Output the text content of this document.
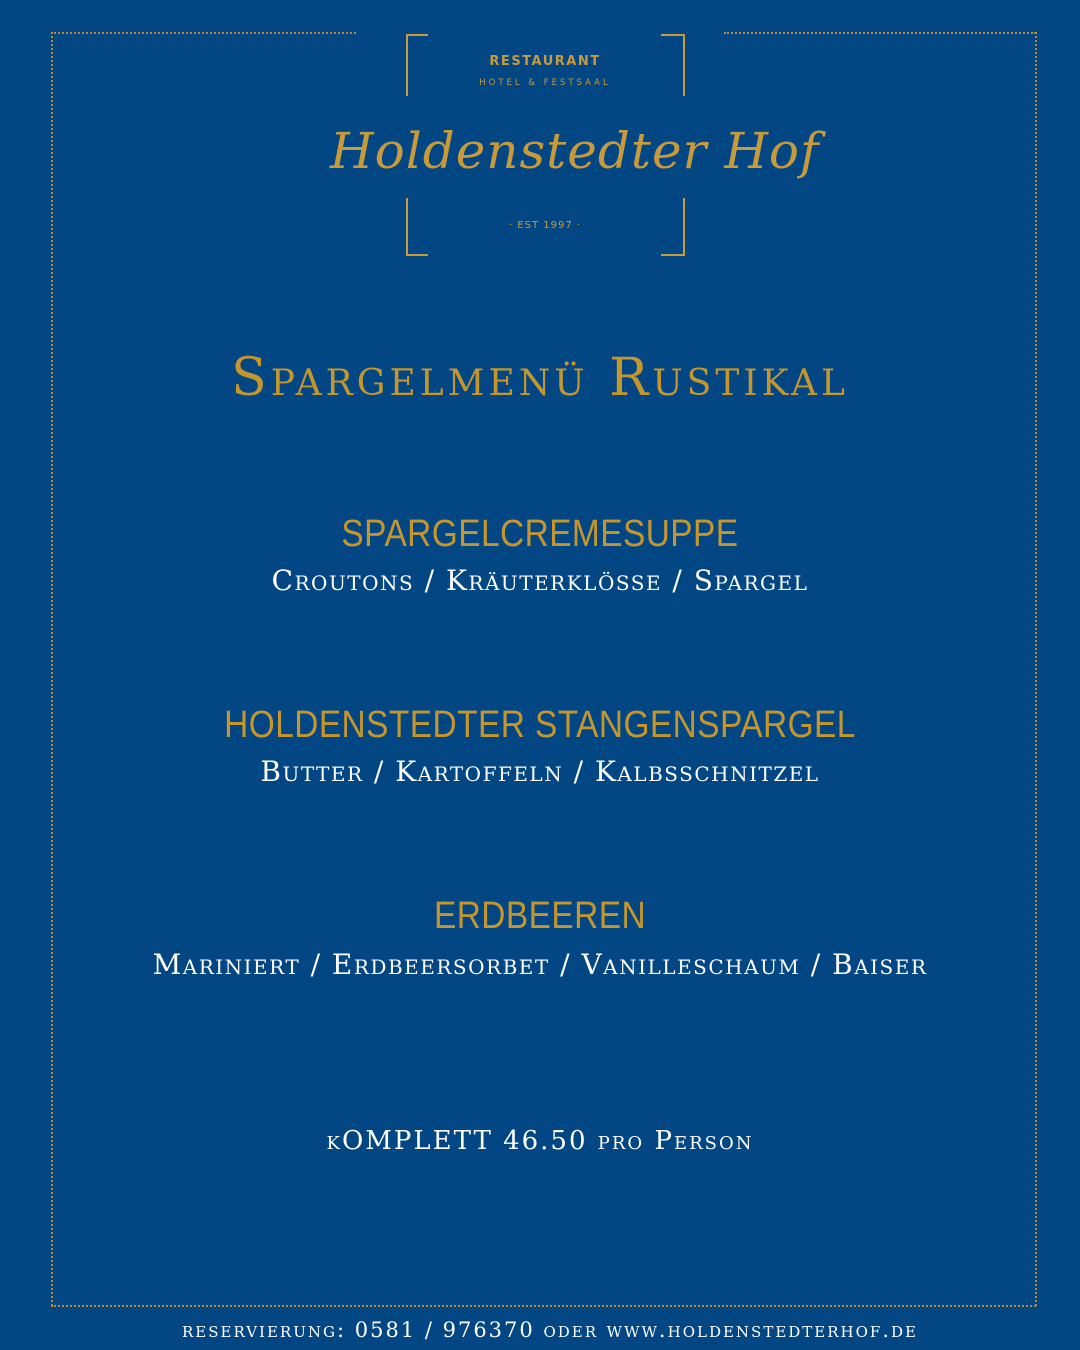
RESTAURANT
HOTEL & FESTSAAL
Holdenstedter Hof
· EST 1997 ·
Spargelmenü Rustikal
SPARGELCREMESUPPE
Croutons / Kräuterklösse / Spargel
HOLDENSTEDTER STANGENSPARGEL
Butter / Kartoffeln / Kalbsschnitzel
ERDBEEREN
Mariniert / Erdbeersorbet / Vanilleschaum / Baiser
kOMPLETT 46.50 pro Person
reservierung: 0581 / 976370 oder www.holdenstedterhof.de
